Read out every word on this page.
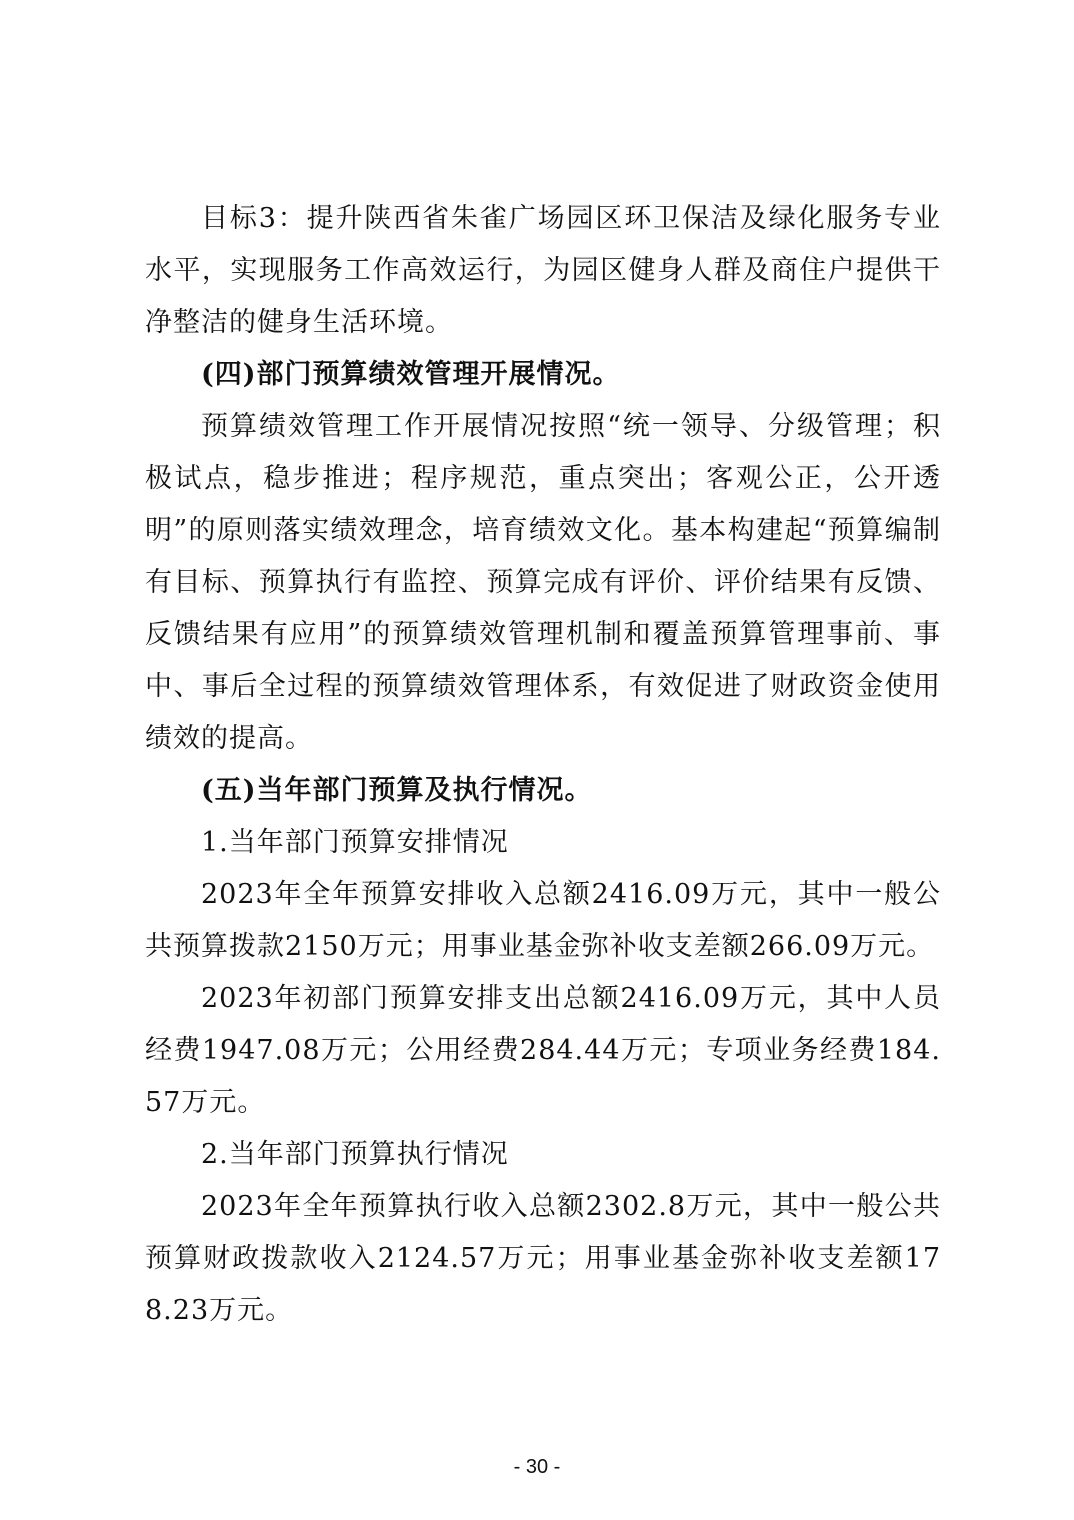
目标3：提升陕西省朱雀广场园区环卫保洁及绿化服务专业水平，实现服务工作高效运行，为园区健身人群及商住户提供干净整洁的健身生活环境。

(四)部门预算绩效管理开展情况。

预算绩效管理工作开展情况按照“统一领导、分级管理；积极试点，稳步推进；程序规范，重点突出；客观公正，公开透明”的原则落实绩效理念，培育绩效文化。基本构建起“预算编制有目标、预算执行有监控、预算完成有评价、评价结果有反馈、反馈结果有应用”的预算绩效管理机制和覆盖预算管理事前、事中、事后全过程的预算绩效管理体系，有效促进了财政资金使用绩效的提高。

(五)当年部门预算及执行情况。

1.当年部门预算安排情况

2023年全年预算安排收入总额2416.09万元，其中一般公共预算拨款2150万元；用事业基金弥补收支差额266.09万元。

2023年初部门预算安排支出总额2416.09万元，其中人员经费1947.08万元；公用经费284.44万元；专项业务经费184.57万元。

2.当年部门预算执行情况

2023年全年预算执行收入总额2302.8万元，其中一般公共预算财政拨款收入2124.57万元；用事业基金弥补收支差额178.23万元。

- 30 -
